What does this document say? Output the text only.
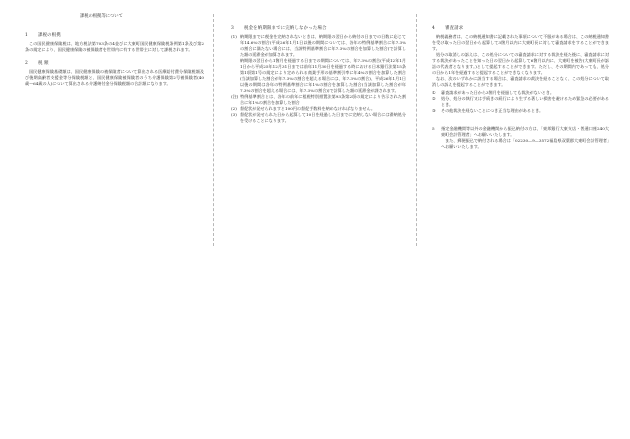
課税の根拠等について
1 課税の根拠
この国民健康保険税は、地方税法第703条の4並びに大東町国民健康保険税条例第1条及び第2条の規定により、国民健康保険の被保険者を世帯内に有する世帯主に対して課税されます。
2 税 額
国民健康保険基礎額は、国民健康保険の被保険者について算出される医療給付費分保険税額及び後期高齢者支援金等分保険税額と、国民健康保険被保険者のうち介護保険第2号被保険者(40歳〜64歳の人)について算出される介護納付金分保険税額の合計額になります。
3 税金を納期限までに完納しなかった場合
(1) 納期限までに税金を完納されないときは、納期限の翌日から納付の日までの日数に応じて年14.6%の割合(平成26年1月1日以後の期間については、各年の特例基準割合に年7.3%の割合に満たない場合には、当該特例基準割合に年7.3%の割合を加算した割合)で計算した額の延滞金が加算されます。
納期限の翌日から1箇月を経過する日までの期間については、年7.3%の割合(平成12年1月1日から平成25年12月31日までは前年11月30日を経過する時における日本銀行法第15条第1項第1号の規定により定められる商業手形の基準割引率に年4%の割合を加算した割合(当該加算した割合が年7.3%の割合を超える場合には、年7.3%の割合)、平成26年1月1日以後の期間は各年の特例基準割合に年1%の割合を加算した割合(当該加算した割合が年7.3%の割合を超える場合には、年7.3%の割合))で計算した額の延滞金が課されます。
(注) 特例基準割合とは、各年の前年に租税特別措置法第93条第2項の規定により告示された割合に年1%の割合を加算した割合
(2) 督促状が発せられますと100円の督促手数料を納めなければなりません。
(3) 督促状が発せられた日から起算して10日を経過した日までに完納しない場合には滞納処分を受けることになります。
4 審査請求
納税義務者は、この納税通知書に記載された事項について不服がある場合は、この納税通知書を受け取った日の翌日から起算して3箇月以内に大東町長に対して審査請求をすることができます。
処分の取消しの訴えは、この処分についての審査請求に対する裁決を経た後に、審査請求に対する裁決があったことを知った日の翌日から起算して6箇月以内に、大東町を被告(大東町長が訴訟の代表者となります。)として提起することができます。ただし、その期間内であっても、処分の日から1年を経過すると提起することができなくなります。
なお、次のいずれかに該当する場合は、審査請求の裁決を経ることなく、この処分について取消しの訴えを提起することができます。
① 審査請求があった日から3箇月を経過しても裁決がないとき。
② 処分、処分の執行又は手続きの続行により生ずる著しい損害を避けるため緊急の必要があるとき。
③ その他裁決を経ないことにつき正当な理由があるとき。
5 指定金融機関等以外の金融機関から振込納付の方は、「東邦銀行大東支店・普通口座240大東町会計管理者」へお願いいたします。
また、郵便振込で納付される場合は「02230—9—3572福島県双葉郡大東町会計管理者」へお願いいたします。
